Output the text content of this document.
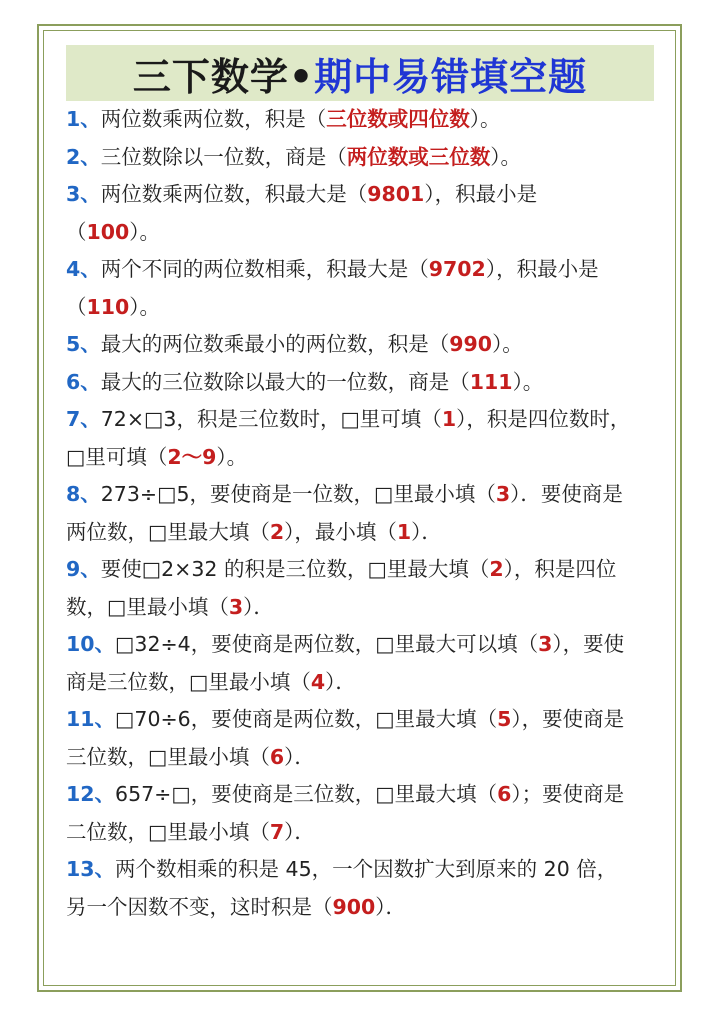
三下数学•期中易错填空题
1、两位数乘两位数，积是（三位数或四位数）。
2、三位数除以一位数，商是（两位数或三位数）。
3、两位数乘两位数，积最大是（9801），积最小是
（100）。
4、两个不同的两位数相乘，积最大是（9702），积最小是
（110）。
5、最大的两位数乘最小的两位数，积是（990）。
6、最大的三位数除以最大的一位数，商是（111）。
7、72×□3，积是三位数时，□里可填（1），积是四位数时，
□里可填（2～9）。
8、273÷□5，要使商是一位数，□里最小填（3）．要使商是
两位数，□里最大填（2），最小填（1）．
9、要使□2×32 的积是三位数，□里最大填（2），积是四位
数，□里最小填（3）．
10、□32÷4，要使商是两位数，□里最大可以填（3），要使
商是三位数，□里最小填（4）．
11、□70÷6，要使商是两位数，□里最大填（5），要使商是
三位数，□里最小填（6）．
12、657÷□，要使商是三位数，□里最大填（6）；要使商是
二位数，□里最小填（7）．
13、两个数相乘的积是 45，一个因数扩大到原来的 20 倍，
另一个因数不变，这时积是（900）．
